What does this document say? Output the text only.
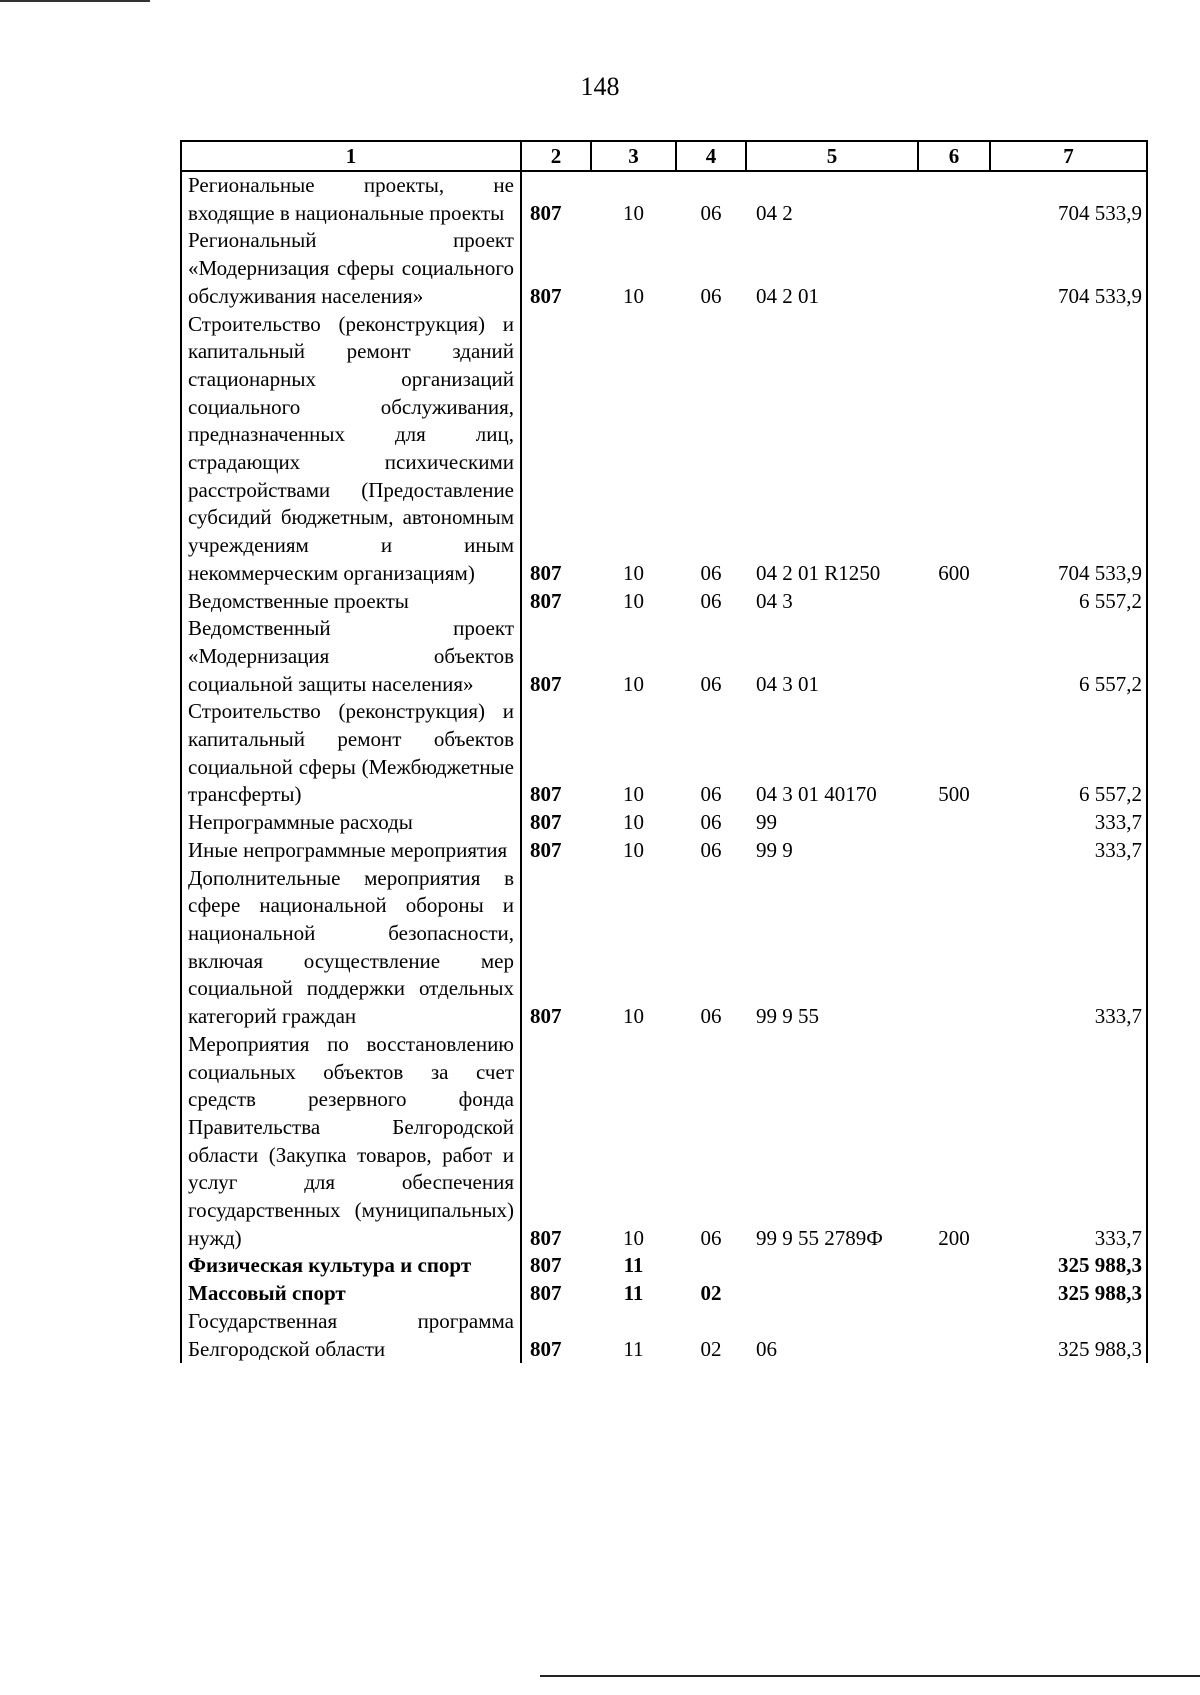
148
1	2	3	4	5	6	7
Региональные проекты, не входящие в национальные проекты	807	10	06	04 2		704 533,9
Региональный проект «Модернизация сферы социального обслуживания населения»	807	10	06	04 2 01		704 533,9
Строительство (реконструкция) и капитальный ремонт зданий стационарных организаций социального обслуживания, предназначенных для лиц, страдающих психическими расстройствами (Предоставление субсидий бюджетным, автономным учреждениям и иным некоммерческим организациям)	807	10	06	04 2 01 R1250	600	704 533,9
Ведомственные проекты	807	10	06	04 3		6 557,2
Ведомственный проект «Модернизация объектов социальной защиты населения»	807	10	06	04 3 01		6 557,2
Строительство (реконструкция) и капитальный ремонт объектов социальной сферы (Межбюджетные трансферты)	807	10	06	04 3 01 40170	500	6 557,2
Непрограммные расходы	807	10	06	99		333,7
Иные непрограммные мероприятия	807	10	06	99 9		333,7
Дополнительные мероприятия в сфере национальной обороны и национальной безопасности, включая осуществление мер социальной поддержки отдельных категорий граждан	807	10	06	99 9 55		333,7
Мероприятия по восстановлению социальных объектов за счет средств резервного фонда Правительства Белгородской области (Закупка товаров, работ и услуг для обеспечения государственных (муниципальных) нужд)	807	10	06	99 9 55 2789Ф	200	333,7
Физическая культура и спорт	807	11				325 988,3
Массовый спорт	807	11	02			325 988,3
Государственная программа Белгородской области	807	11	02	06		325 988,3
